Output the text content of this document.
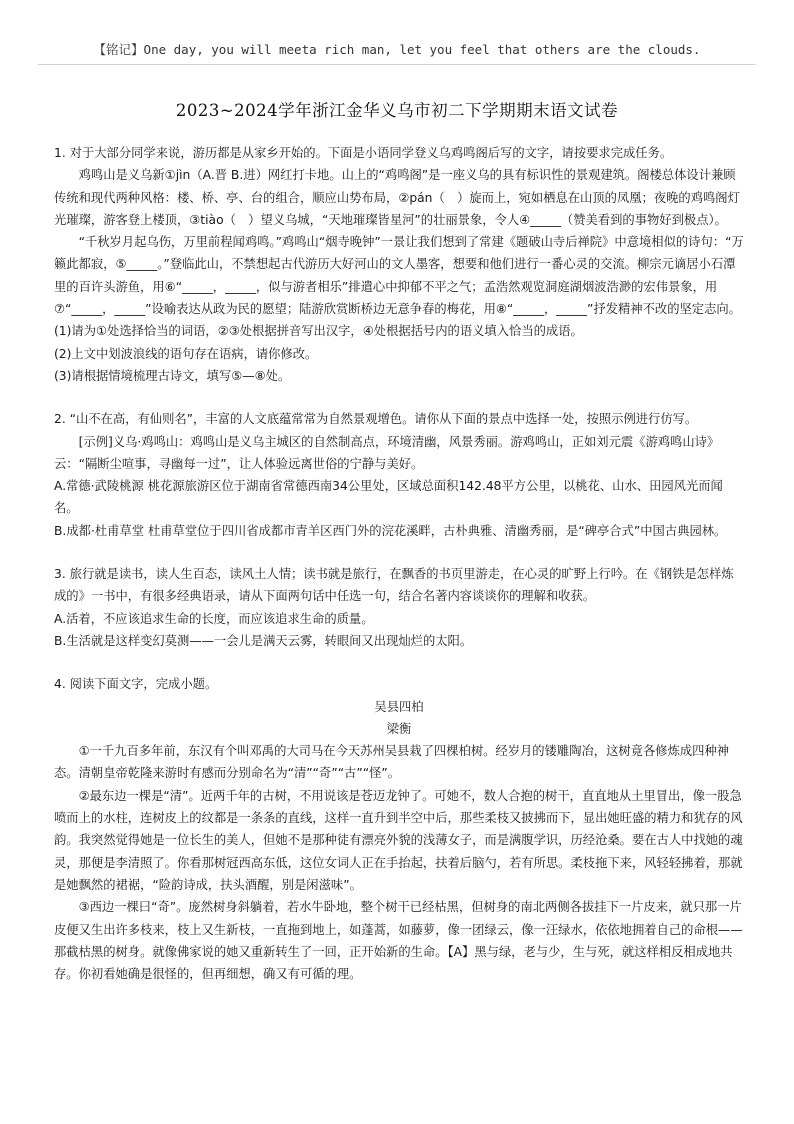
【铭记】One day, you will meeta rich man, let you feel that others are the clouds.
2023~2024学年浙江金华义乌市初二下学期期末语文试卷

1. 对于大部分同学来说，游历都是从家乡开始的。下面是小语同学登义乌鸡鸣阁后写的文字，请按要求完成任务。

鸡鸣山是义乌新①jìn（A.晋 B.进）网红打卡地。山上的“鸡鸣阁”是一座义乌的具有标识性的景观建筑。阁楼总体设计兼顾传统和现代两种风格：楼、桥、亭、台的组合，顺应山势布局，②pán（　）旋而上，宛如栖息在山顶的凤凰；夜晚的鸡鸣阁灯光璀璨，游客登上楼顶，③tiào（　）望义乌城，“天地璀璨皆星河”的壮丽景象，令人④_____（赞美看到的事物好到极点）。

“千秋岁月起乌伤，万里前程闻鸡鸣。”鸡鸣山“烟寺晚钟”一景让我们想到了常建《题破山寺后禅院》中意境相似的诗句：“万籁此都寂，⑤_____。”登临此山，不禁想起古代游历大好河山的文人墨客，想要和他们进行一番心灵的交流。柳宗元谪居小石潭里的百许头游鱼，用⑥“_____，_____，似与游者相乐”排遣心中抑郁不平之气；孟浩然观览洞庭湖烟波浩渺的宏伟景象，用⑦“_____，_____”设喻表达从政为民的愿望；陆游欣赏断桥边无意争春的梅花，用⑧“_____，_____”抒发精神不改的坚定志向。

(1)请为①处选择恰当的词语，②③处根据拼音写出汉字，④处根据括号内的语义填入恰当的成语。

(2)上文中划波浪线的语句存在语病，请你修改。

(3)请根据情境梳理古诗文，填写⑤—⑧处。

2. “山不在高，有仙则名”，丰富的人文底蕴常常为自然景观增色。请你从下面的景点中选择一处，按照示例进行仿写。

[示例]义乌·鸡鸣山：鸡鸣山是义乌主城区的自然制高点，环境清幽，风景秀丽。游鸡鸣山，正如刘元震《游鸡鸣山诗》云：“隔断尘喧事，寻幽每一过”，让人体验远离世俗的宁静与美好。

A.常德·武陵桃源 桃花源旅游区位于湖南省常德西南34公里处，区域总面积142.48平方公里，以桃花、山水、田园风光而闻名。

B.成都·杜甫草堂 杜甫草堂位于四川省成都市青羊区西门外的浣花溪畔，古朴典雅、清幽秀丽，是“碑亭合式”中国古典园林。

3. 旅行就是读书，读人生百态，读风土人情；读书就是旅行，在飘香的书页里游走，在心灵的旷野上行吟。在《钢铁是怎样炼成的》一书中，有很多经典语录，请从下面两句话中任选一句，结合名著内容谈谈你的理解和收获。

A.活着，不应该追求生命的长度，而应该追求生命的质量。

B.生活就是这样变幻莫测——一会儿是满天云雾，转眼间又出现灿烂的太阳。

4. 阅读下面文字，完成小题。

吴县四柏

梁衡

①一千九百多年前，东汉有个叫邓禹的大司马在今天苏州吴县栽了四棵柏树。经岁月的镂雕陶冶，这树竟各修炼成四种神态。清朝皇帝乾隆来游时有感而分别命名为“清”“奇”“古”“怪”。

②最东边一棵是“清”。近两千年的古树，不用说该是苍迈龙钟了。可她不，数人合抱的树干，直直地从土里冒出，像一股急喷而上的水柱，连树皮上的纹都是一条条的直线，这样一直升到半空中后，那些柔枝又披拂而下，显出她旺盛的精力和犹存的风韵。我突然觉得她是一位长生的美人，但她不是那种徒有漂亮外貌的浅薄女子，而是满腹学识，历经沧桑。要在古人中找她的魂灵，那便是李清照了。你看那树冠西高东低，这位女词人正在手抬起，扶着后脑勺，若有所思。柔枝拖下来，风轻轻拂着，那就是她飘然的裙裾，“险韵诗成，扶头酒醒，别是闲滋味”。

③西边一棵曰“奇”。庞然树身斜躺着，若水牛卧地，整个树干已经枯黑，但树身的南北两侧各拔挂下一片皮来，就只那一片皮便又生出许多枝来，枝上又生新枝，一直拖到地上，如蓬蒿，如藤萝，像一团绿云，像一汪绿水，依依地拥着自己的命根——那截枯黑的树身。就像佛家说的她又重新转生了一回，正开始新的生命。【A】黑与绿，老与少，生与死，就这样相反相成地共存。你初看她确是很怪的，但再细想，确又有可循的理。
